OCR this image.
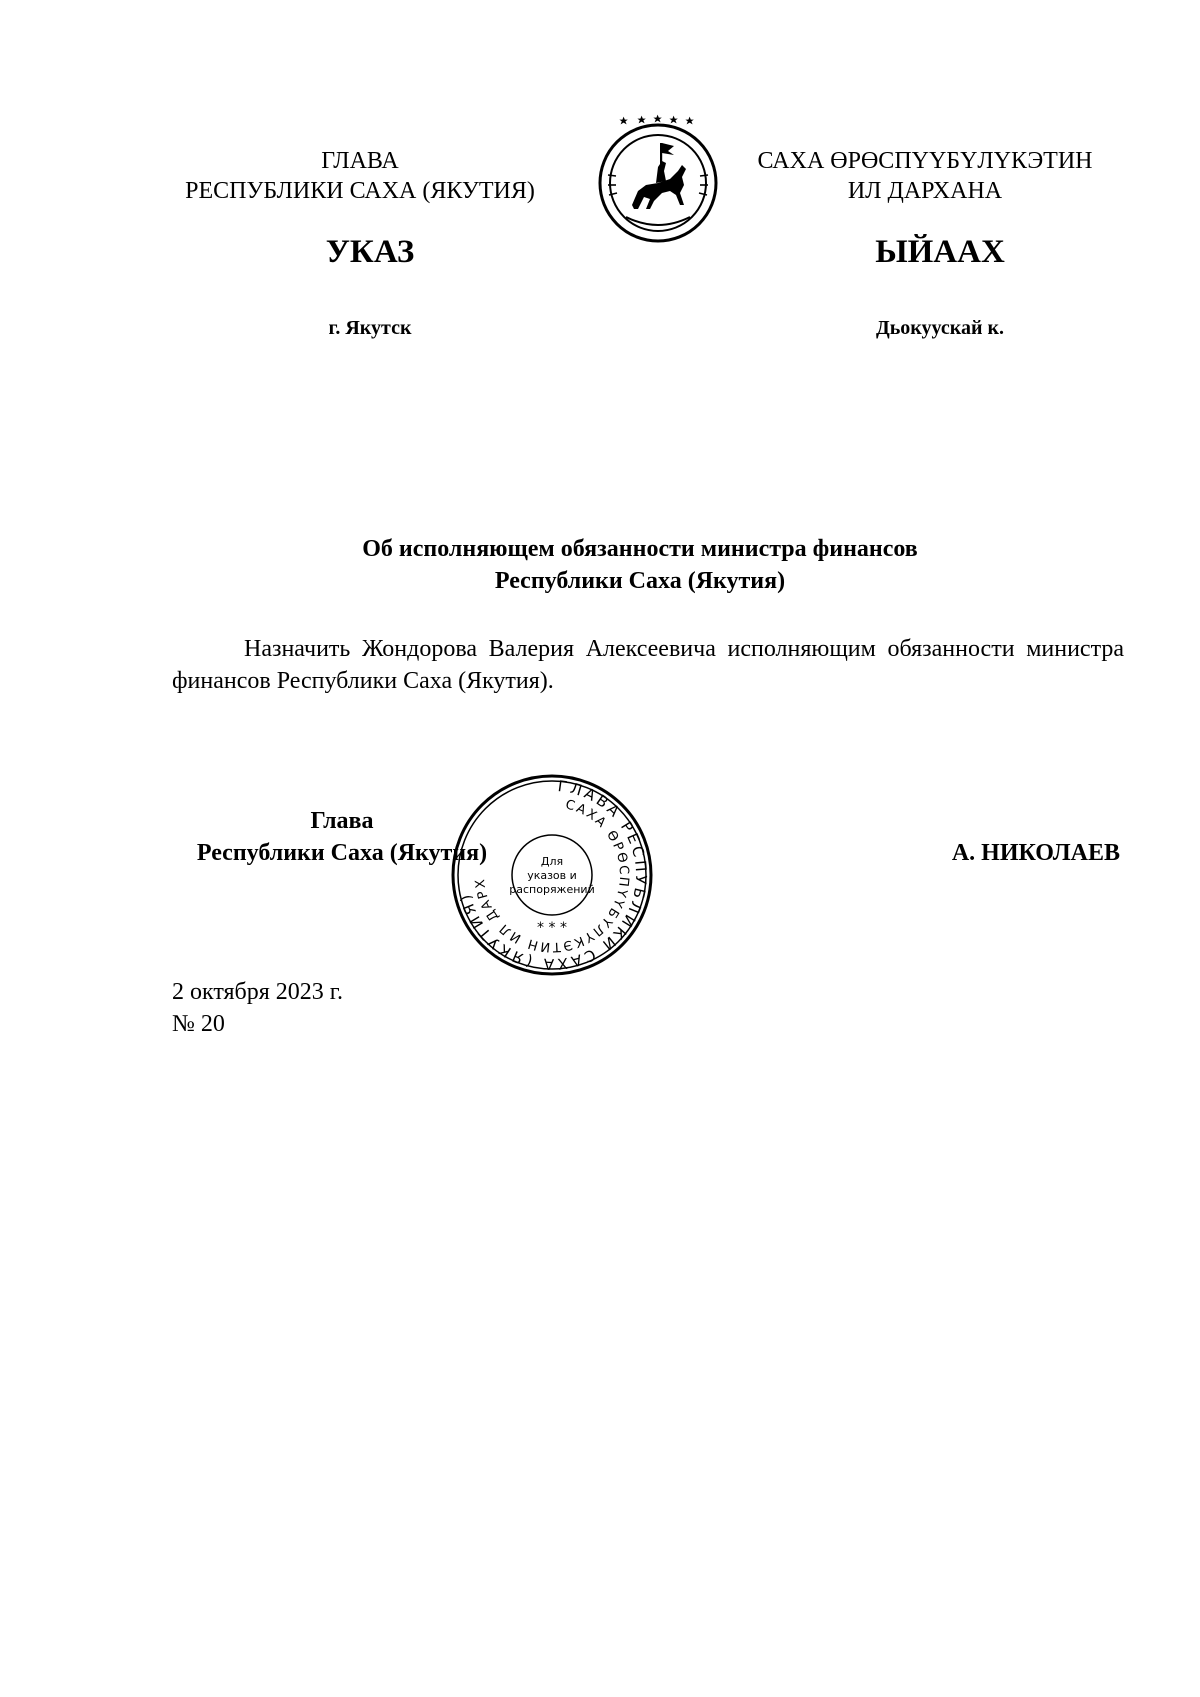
ГЛАВА
РЕСПУБЛИКИ САХА (ЯКУТИЯ)
САХА ӨРӨСПҮҮБҮЛҮКЭТИН
ИЛ ДАРХАНА
УКАЗ	ЫЙААХ
г. Якутск	Дьокуускай к.
Об исполняющем обязанности министра финансов
Республики Саха (Якутия)
Назначить Жондорова Валерия Алексеевича исполняющим обязанности министра финансов Республики Саха (Якутия).
Глава
Республики Саха (Якутия)
ГЛАВА РЕСПУБЛИКИ САХА (ЯКУТИЯ)
САХА ӨРӨСПҮҮБҮЛҮКЭТИН ИЛ ДАРХ
Для
указов и
распоряжений
* * *
А. НИКОЛАЕВ
2 октября 2023 г.
№ 20
